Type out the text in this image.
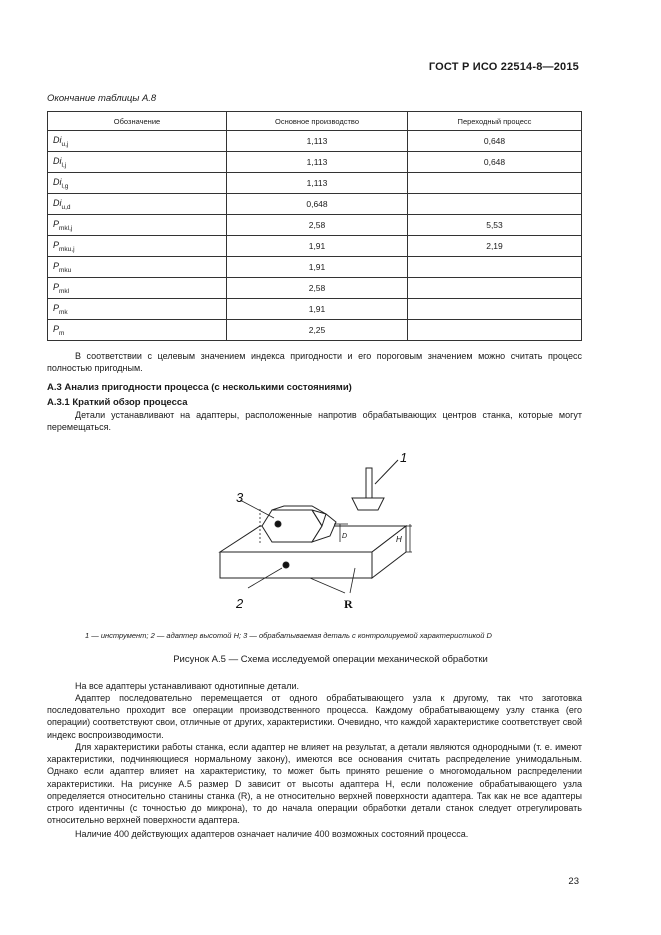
ГОСТ Р ИСО 22514-8—2015
Окончание таблицы А.8
Обозначение	Основное производство	Переходный процесс
$Di_{u,j}$	1,113	0,648
$Di_{l,j}$	1,113	0,648
$Di_{l,g}$	1,113	
$Di_{u,d}$	0,648	
$P_{mkl,j}$	2,58	5,53
$P_{mku,j}$	1,91	2,19
$P_{mku}$	1,91	
$P_{mkl}$	2,58	
$P_{mk}$	1,91	
$P_m$	2,25	
В соответствии с целевым значением индекса пригодности и его пороговым значением можно считать процесс полностью пригодным.
А.3 Анализ пригодности процесса (с несколькими состояниями)
А.3.1 Краткий обзор процесса
Детали устанавливают на адаптеры, расположенные напротив обрабатывающих центров станка, которые могут перемещаться.
1
3
2
D	H
R
1 — инструмент; 2 — адаптер высотой H; 3 — обрабатываемая деталь с контролируемой характеристикой D
Рисунок А.5 — Схема исследуемой операции механической обработки
На все адаптеры устанавливают однотипные детали.
Адаптер последовательно перемещается от одного обрабатывающего узла к другому, так что заготовка последовательно проходит все операции производственного процесса. Каждому обрабатывающему узлу станка (его операции) соответствуют свои, отличные от других, характеристики. Очевидно, что каждой характеристике соответствует свой индекс воспроизводимости.
Для характеристики работы станка, если адаптер не влияет на результат, а детали являются однородными (т. е. имеют характеристики, подчиняющиеся нормальному закону), имеются все основания считать распределение унимодальным. Однако если адаптер влияет на характеристику, то может быть принято решение о многомодальном распределении характеристики. На рисунке А.5 размер D зависит от высоты адаптера H, если положение обрабатывающего узла определяется относительно станины станка (R), а не относительно верхней поверхности адаптера. Так как не все адаптеры строго идентичны (с точностью до микрона), то до начала операции обработки детали станок следует отрегулировать относительно верхней поверхности адаптера.
Наличие 400 действующих адаптеров означает наличие 400 возможных состояний процесса.
23
